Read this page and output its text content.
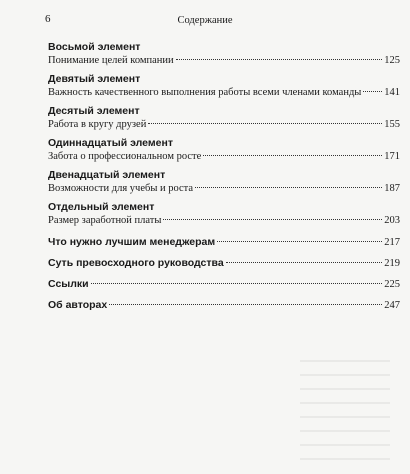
6	Содержание
Восьмой элемент
Понимание целей компании	125
Девятый элемент
Важность качественного выполнения работы всеми членами команды 141
Десятый элемент
Работа в кругу друзей	155
Одиннадцатый элемент
Забота о профессиональном росте	171
Двенадцатый элемент
Возможности для учебы и роста	187
Отдельный элемент
Размер заработной платы	203
Что нужно лучшим менеджерам	217
Суть превосходного руководства	219
Ссылки	225
Об авторах	247
